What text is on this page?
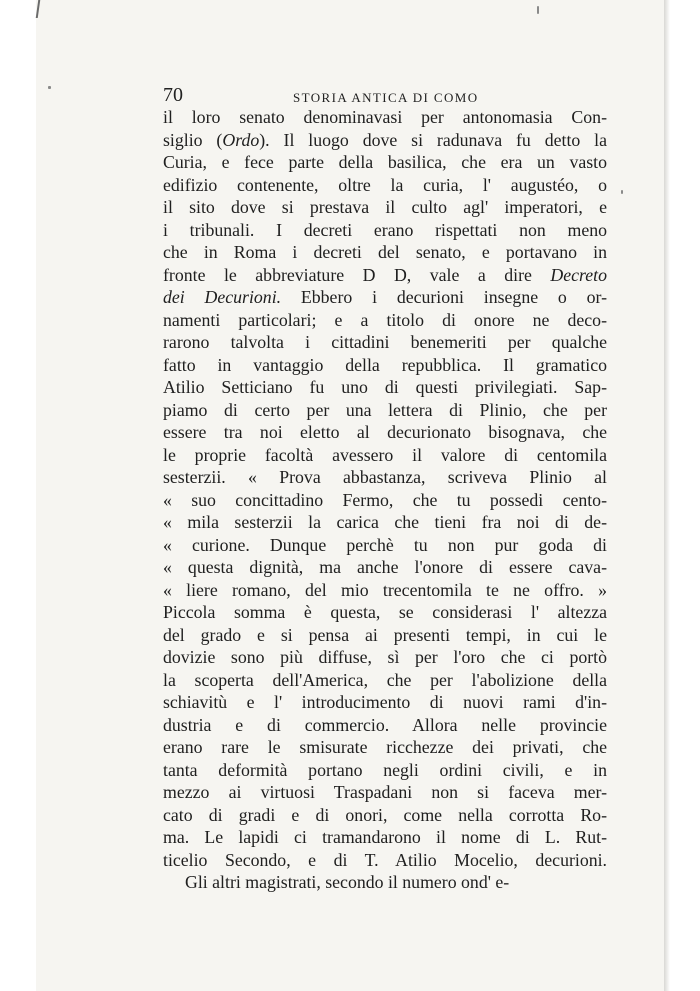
70	STORIA ANTICA DI COMO
il loro senato denominavasi per antonomasia Con-
siglio (Ordo). Il luogo dove si radunava fu detto la
Curia, e fece parte della basilica, che era un vasto
edifizio contenente, oltre la curia, l' augustéo, o
il sito dove si prestava il culto agl' imperatori, e
i tribunali. I decreti erano rispettati non meno
che in Roma i decreti del senato, e portavano in
fronte le abbreviature D D, vale a dire Decreto
dei Decurioni. Ebbero i decurioni insegne o or-
namenti particolari; e a titolo di onore ne deco-
rarono talvolta i cittadini benemeriti per qualche
fatto in vantaggio della repubblica. Il gramatico
Atilio Setticiano fu uno di questi privilegiati. Sap-
piamo di certo per una lettera di Plinio, che per
essere tra noi eletto al decurionato bisognava, che
le proprie facoltà avessero il valore di centomila
sesterzii. « Prova abbastanza, scriveva Plinio al
« suo concittadino Fermo, che tu possedi cento-
« mila sesterzii la carica che tieni fra noi di de-
« curione. Dunque perchè tu non pur goda di
« questa dignità, ma anche l'onore di essere cava-
« liere romano, del mio trecentomila te ne offro. »
Piccola somma è questa, se considerasi l' altezza
del grado e si pensa ai presenti tempi, in cui le
dovizie sono più diffuse, sì per l'oro che ci portò
la scoperta dell'America, che per l'abolizione della
schiavitù e l' introducimento di nuovi rami d'in-
dustria e di commercio. Allora nelle provincie
erano rare le smisurate ricchezze dei privati, che
tanta deformità portano negli ordini civili, e in
mezzo ai virtuosi Traspadani non si faceva mer-
cato di gradi e di onori, come nella corrotta Ro-
ma. Le lapidi ci tramandarono il nome di L. Rut-
ticelio Secondo, e di T. Atilio Mocelio, decurioni.
Gli altri magistrati, secondo il numero ond' e-
